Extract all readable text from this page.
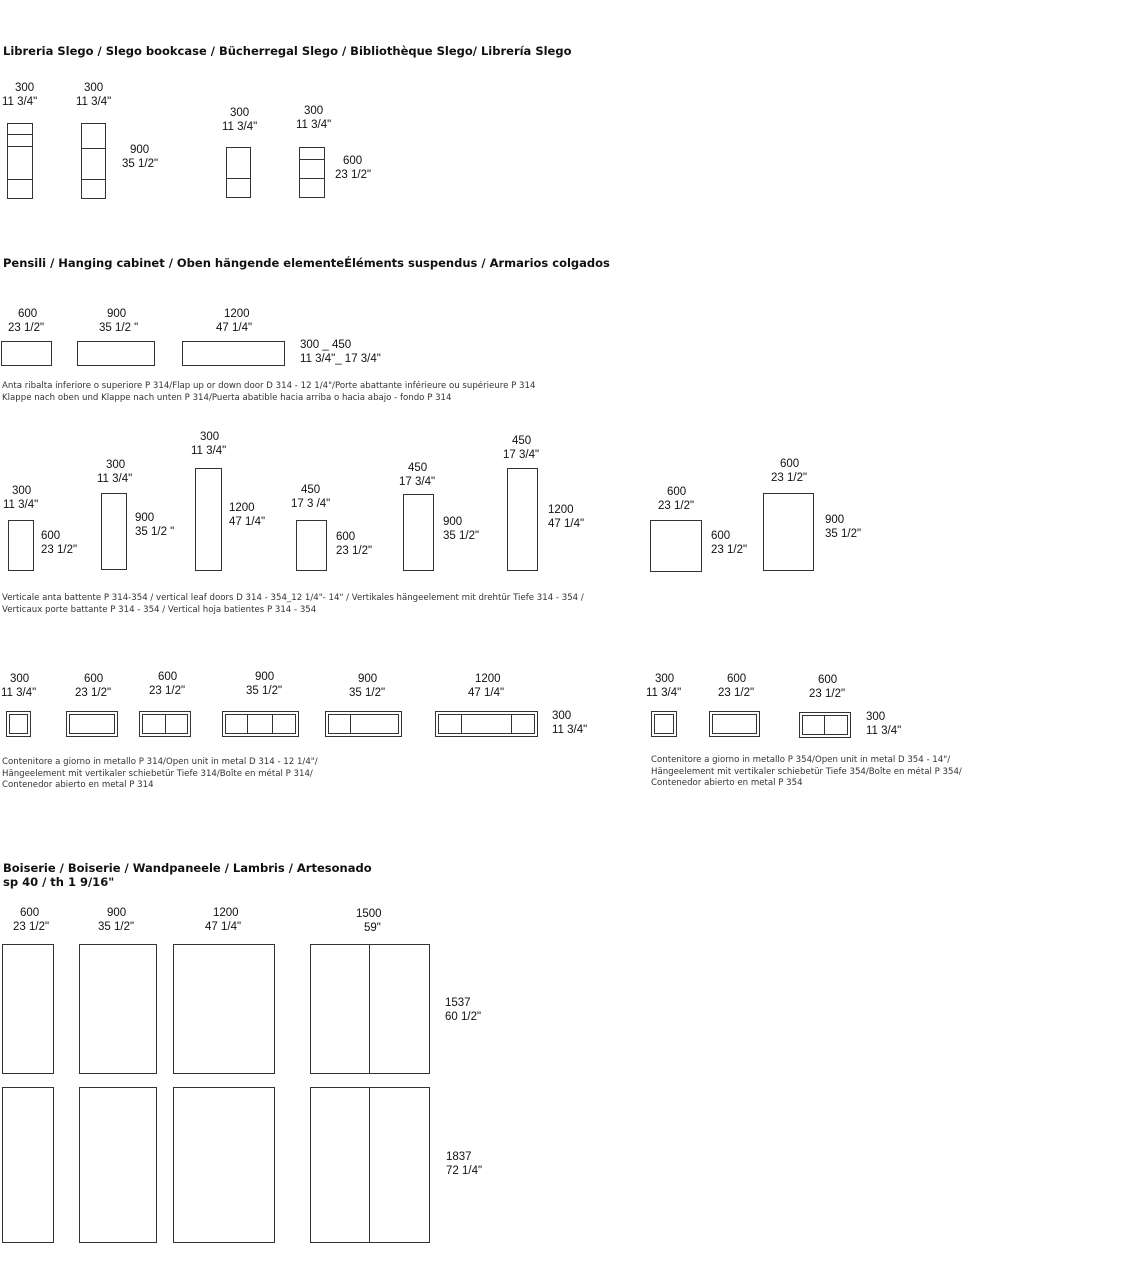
Libreria Slego / Slego bookcase / Bücherregal Slego / Bibliothèque Slego/ Librería Slego
300
11 3/4"
300
11 3/4"
900
35 1/2"
300
11 3/4"
300
11 3/4"
600
23 1/2"
Pensili / Hanging cabinet / Oben hängende elementeÉléments suspendus / Armarios colgados
600
23 1/2"
900
35 1/2 "
1200
47 1/4"
300 _ 450
11 3/4"_ 17 3/4"
Anta ribalta inferiore o superiore P 314/Flap up or down door D 314 - 12 1/4"/Porte abattante inférieure ou supérieure P 314
Klappe nach oben und Klappe nach unten P 314/Puerta abatible hacia arriba o hacia abajo - fondo P 314
300
11 3/4"
600
23 1/2"
300
11 3/4"
900
35 1/2 "
300
11 3/4"
1200
47 1/4"
450
17 3 /4"
600
23 1/2"
450
17 3/4"
900
35 1/2"
450
17 3/4"
1200
47 1/4"
600
23 1/2"
600
23 1/2"
600
23 1/2"
900
35 1/2"
Verticale anta battente P 314-354 / vertical leaf doors D 314 - 354_12 1/4"- 14" / Vertikales hängeelement mit drehtür Tiefe 314 - 354 /
Verticaux porte battante P 314 - 354 / Vertical hoja batientes P 314 - 354
300
11 3/4"
600
23 1/2"
600
23 1/2"
900
35 1/2"
900
35 1/2"
1200
47 1/4"
300
11 3/4"
Contenitore a giorno in metallo P 314/Open unit in metal D 314 - 12 1/4"/
Hängeelement mit vertikaler schiebetür Tiefe 314/Boîte en métal P 314/
Contenedor abierto en metal P 314
300
11 3/4"
600
23 1/2"
600
23 1/2"
300
11 3/4"
Contenitore a giorno in metallo P 354/Open unit in metal D 354 - 14"/
Hängeelement mit vertikaler schiebetür Tiefe 354/Boîte en métal P 354/
Contenedor abierto en metal P 354
Boiserie / Boiserie / Wandpaneele / Lambris / Artesonado
sp 40 / th 1 9/16"
600
23 1/2"
900
35 1/2"
1200
47 1/4"
1500
59"
1537
60 1/2"
1837
72 1/4"
